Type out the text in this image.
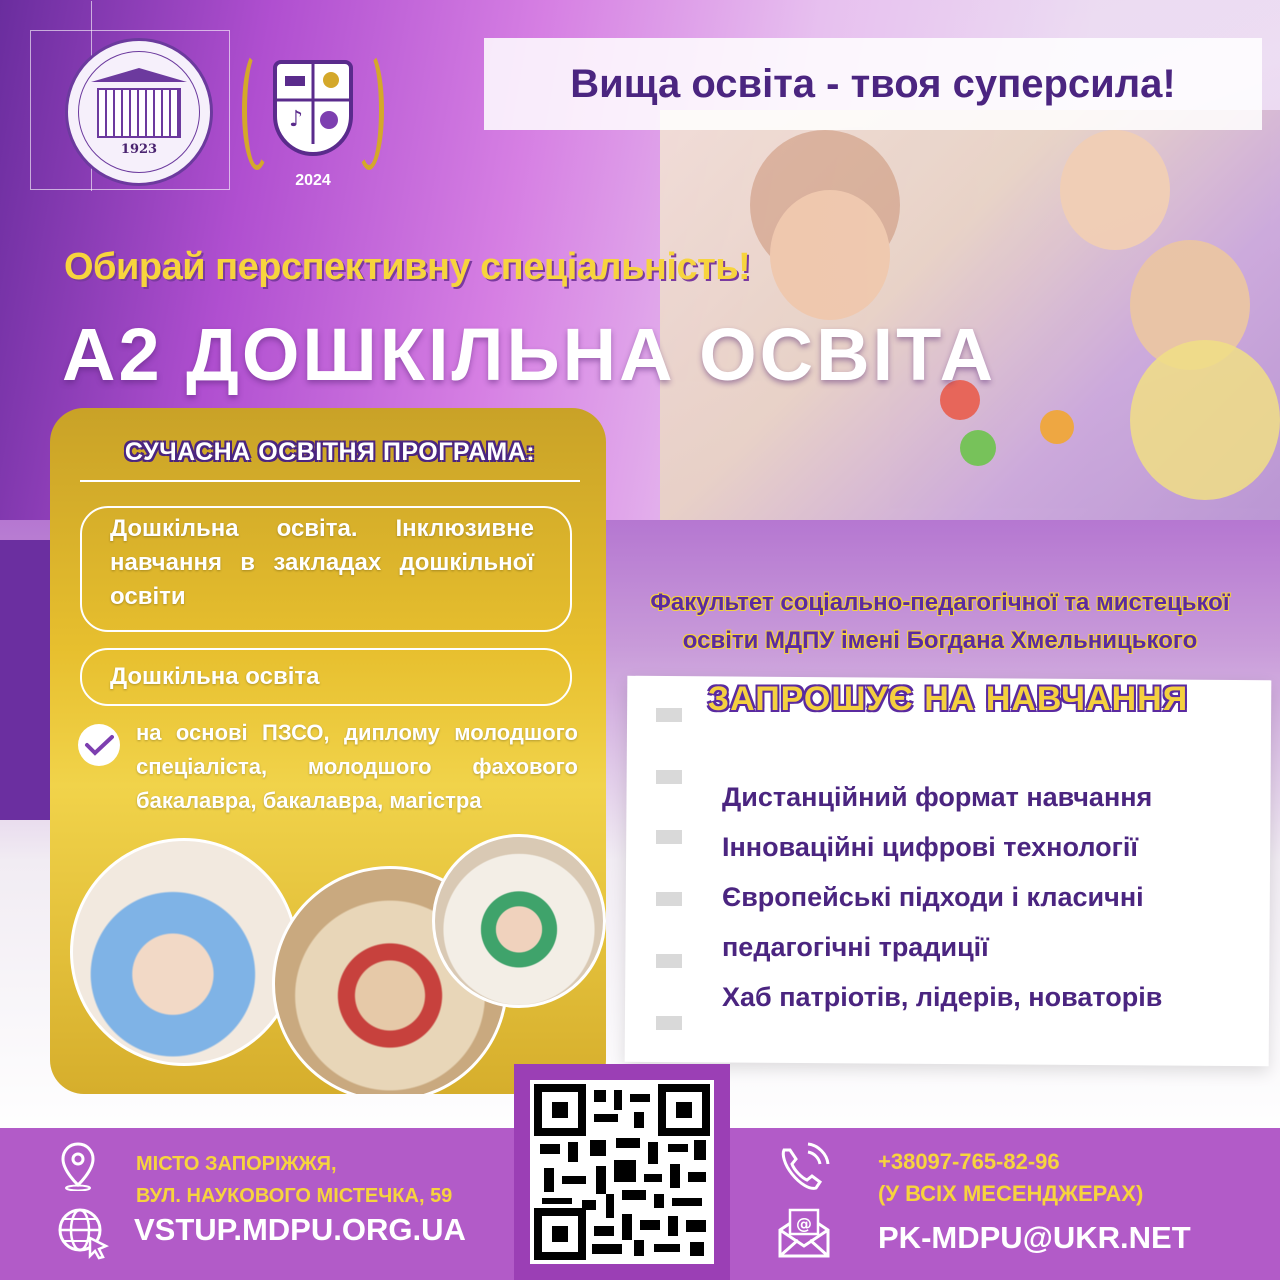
1923
♪
2024
Вища освіта - твоя суперсила!
Обирай перспективну спеціальність!
А2 ДОШКІЛЬНА ОСВІТА
СУЧАСНА ОСВІТНЯ ПРОГРАМА:
Дошкільна освіта. Інклюзивне навчання в закладах дошкільної освіти
Дошкільна освіта
на основі ПЗСО, диплому молодшого спеціаліста, молодшого фахового бакалавра, бакалавра, магістра
Факультет соціально-педагогічної та мистецької
освіти МДПУ імені Богдана Хмельницького
ЗАПРОШУЄ НА НАВЧАННЯ
Дистанційний формат навчання
Інноваційні цифрові технології
Європейські підходи і класичні педагогічні традиції
Хаб патріотів, лідерів, новаторів
МІСТО ЗАПОРІЖЖЯ,
ВУЛ. НАУКОВОГО МІСТЕЧКА, 59
VSTUP.MDPU.ORG.UA
+38097-765-82-96
(У ВСІХ МЕСЕНДЖЕРАХ)
@ PK-MDPU@UKR.NET
